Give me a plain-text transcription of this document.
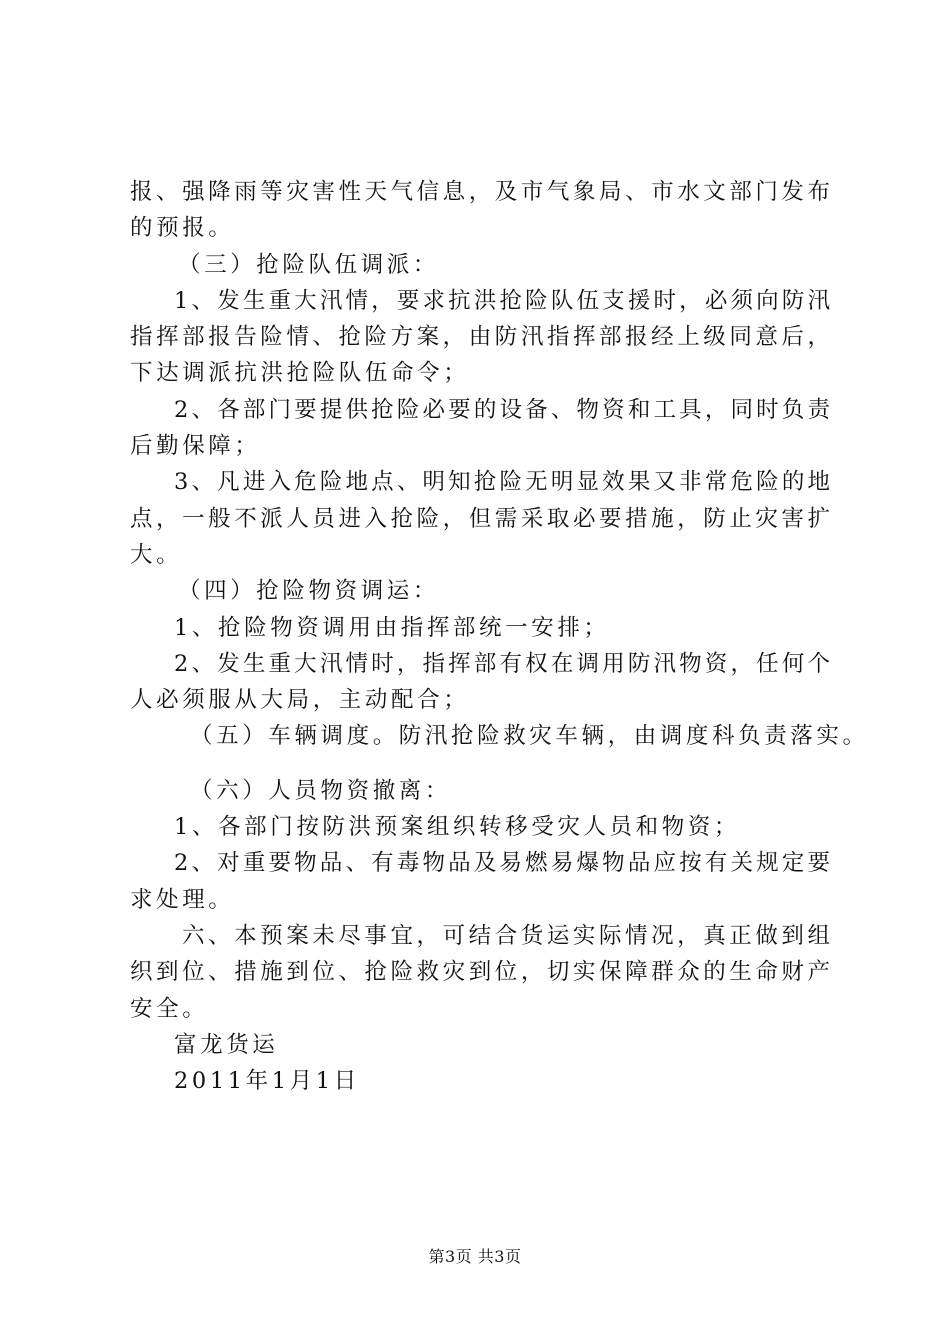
报、强降雨等灾害性天气信息，及市气象局、市水文部门发布
的预报。
（三）抢险队伍调派：
1、发生重大汛情，要求抗洪抢险队伍支援时，必须向防汛
指挥部报告险情、抢险方案，由防汛指挥部报经上级同意后，
下达调派抗洪抢险队伍命令；
2、各部门要提供抢险必要的设备、物资和工具，同时负责
后勤保障；
3、凡进入危险地点、明知抢险无明显效果又非常危险的地
点，一般不派人员进入抢险，但需采取必要措施，防止灾害扩
大。
（四）抢险物资调运：
1、抢险物资调用由指挥部统一安排；
2、发生重大汛情时，指挥部有权在调用防汛物资，任何个
人必须服从大局，主动配合；
（五）车辆调度。防汛抢险救灾车辆，由调度科负责落实。
（六）人员物资撤离：
1、各部门按防洪预案组织转移受灾人员和物资；
2、对重要物品、有毒物品及易燃易爆物品应按有关规定要
求处理。
六、本预案未尽事宜，可结合货运实际情况，真正做到组
织到位、措施到位、抢险救灾到位，切实保障群众的生命财产
安全。
富龙货运
2011年1月1日
第3页 共3页
